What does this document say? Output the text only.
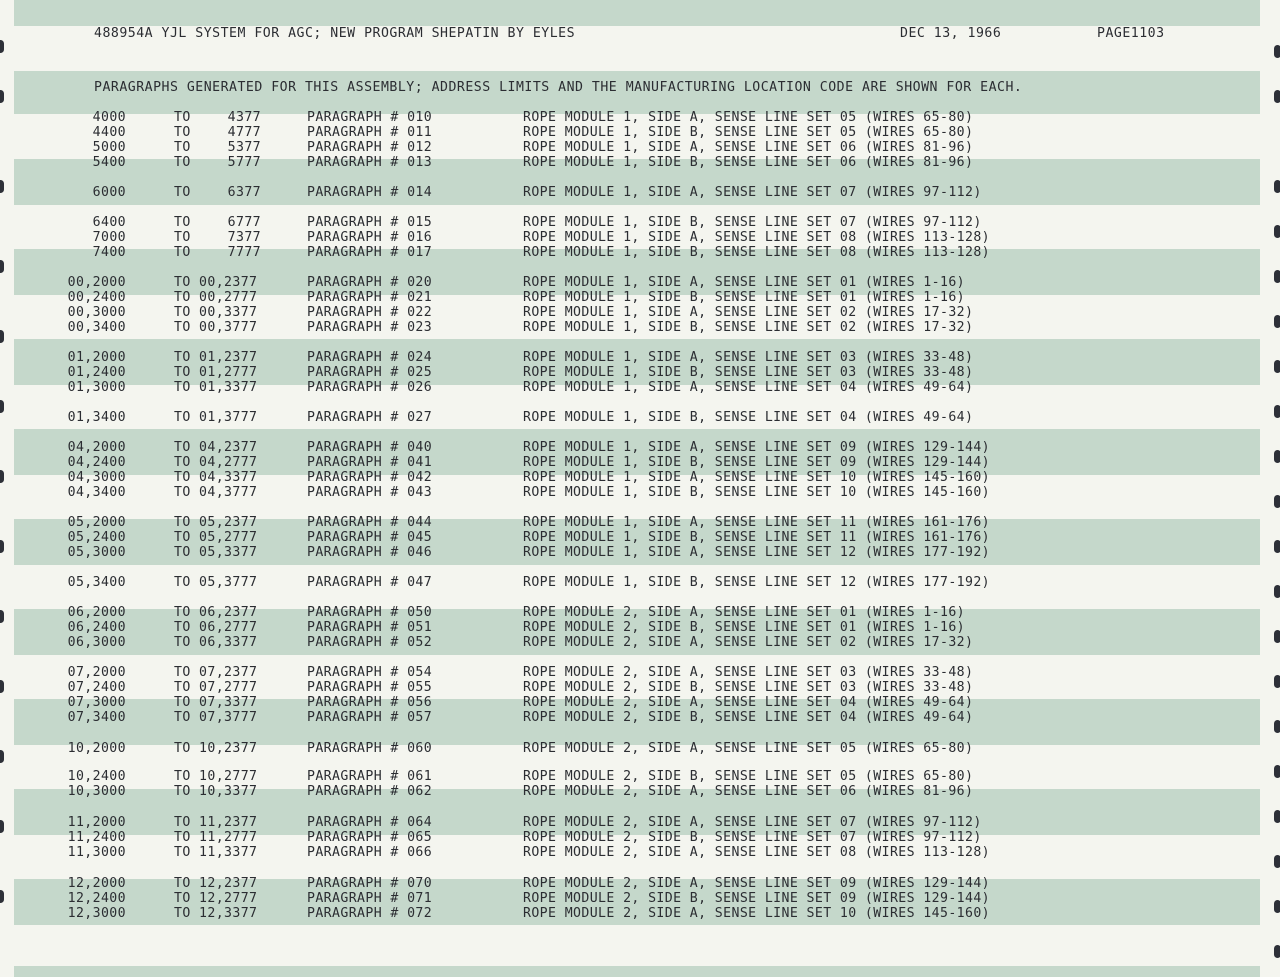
488954A YJL SYSTEM FOR AGC; NEW PROGRAM SHEPATIN BY EYLES	DEC 13, 1966	PAGE1103
PARAGRAPHS GENERATED FOR THIS ASSEMBLY; ADDRESS LIMITS AND THE MANUFACTURING LOCATION CODE ARE SHOWN FOR EACH.
4000	TO	4377	PARAGRAPH # 010	ROPE MODULE 1, SIDE A, SENSE LINE SET 05 (WIRES 65-80)
4400	TO	4777	PARAGRAPH # 011	ROPE MODULE 1, SIDE B, SENSE LINE SET 05 (WIRES 65-80)
5000	TO	5377	PARAGRAPH # 012	ROPE MODULE 1, SIDE A, SENSE LINE SET 06 (WIRES 81-96)
5400	TO	5777	PARAGRAPH # 013	ROPE MODULE 1, SIDE B, SENSE LINE SET 06 (WIRES 81-96)
6000	TO	6377	PARAGRAPH # 014	ROPE MODULE 1, SIDE A, SENSE LINE SET 07 (WIRES 97-112)
6400	TO	6777	PARAGRAPH # 015	ROPE MODULE 1, SIDE B, SENSE LINE SET 07 (WIRES 97-112)
7000	TO	7377	PARAGRAPH # 016	ROPE MODULE 1, SIDE A, SENSE LINE SET 08 (WIRES 113-128)
7400	TO	7777	PARAGRAPH # 017	ROPE MODULE 1, SIDE B, SENSE LINE SET 08 (WIRES 113-128)
00,2000	TO 00,2377	PARAGRAPH # 020	ROPE MODULE 1, SIDE A, SENSE LINE SET 01 (WIRES 1-16)
00,2400	TO 00,2777	PARAGRAPH # 021	ROPE MODULE 1, SIDE B, SENSE LINE SET 01 (WIRES 1-16)
00,3000	TO 00,3377	PARAGRAPH # 022	ROPE MODULE 1, SIDE A, SENSE LINE SET 02 (WIRES 17-32)
00,3400	TO 00,3777	PARAGRAPH # 023	ROPE MODULE 1, SIDE B, SENSE LINE SET 02 (WIRES 17-32)
01,2000	TO 01,2377	PARAGRAPH # 024	ROPE MODULE 1, SIDE A, SENSE LINE SET 03 (WIRES 33-48)
01,2400	TO 01,2777	PARAGRAPH # 025	ROPE MODULE 1, SIDE B, SENSE LINE SET 03 (WIRES 33-48)
01,3000	TO 01,3377	PARAGRAPH # 026	ROPE MODULE 1, SIDE A, SENSE LINE SET 04 (WIRES 49-64)
01,3400	TO 01,3777	PARAGRAPH # 027	ROPE MODULE 1, SIDE B, SENSE LINE SET 04 (WIRES 49-64)
04,2000	TO 04,2377	PARAGRAPH # 040	ROPE MODULE 1, SIDE A, SENSE LINE SET 09 (WIRES 129-144)
04,2400	TO 04,2777	PARAGRAPH # 041	ROPE MODULE 1, SIDE B, SENSE LINE SET 09 (WIRES 129-144)
04,3000	TO 04,3377	PARAGRAPH # 042	ROPE MODULE 1, SIDE A, SENSE LINE SET 10 (WIRES 145-160)
04,3400	TO 04,3777	PARAGRAPH # 043	ROPE MODULE 1, SIDE B, SENSE LINE SET 10 (WIRES 145-160)
05,2000	TO 05,2377	PARAGRAPH # 044	ROPE MODULE 1, SIDE A, SENSE LINE SET 11 (WIRES 161-176)
05,2400	TO 05,2777	PARAGRAPH # 045	ROPE MODULE 1, SIDE B, SENSE LINE SET 11 (WIRES 161-176)
05,3000	TO 05,3377	PARAGRAPH # 046	ROPE MODULE 1, SIDE A, SENSE LINE SET 12 (WIRES 177-192)
05,3400	TO 05,3777	PARAGRAPH # 047	ROPE MODULE 1, SIDE B, SENSE LINE SET 12 (WIRES 177-192)
06,2000	TO 06,2377	PARAGRAPH # 050	ROPE MODULE 2, SIDE A, SENSE LINE SET 01 (WIRES 1-16)
06,2400	TO 06,2777	PARAGRAPH # 051	ROPE MODULE 2, SIDE B, SENSE LINE SET 01 (WIRES 1-16)
06,3000	TO 06,3377	PARAGRAPH # 052	ROPE MODULE 2, SIDE A, SENSE LINE SET 02 (WIRES 17-32)
07,2000	TO 07,2377	PARAGRAPH # 054	ROPE MODULE 2, SIDE A, SENSE LINE SET 03 (WIRES 33-48)
07,2400	TO 07,2777	PARAGRAPH # 055	ROPE MODULE 2, SIDE B, SENSE LINE SET 03 (WIRES 33-48)
07,3000	TO 07,3377	PARAGRAPH # 056	ROPE MODULE 2, SIDE A, SENSE LINE SET 04 (WIRES 49-64)
07,3400	TO 07,3777	PARAGRAPH # 057	ROPE MODULE 2, SIDE B, SENSE LINE SET 04 (WIRES 49-64)
10,2000	TO 10,2377	PARAGRAPH # 060	ROPE MODULE 2, SIDE A, SENSE LINE SET 05 (WIRES 65-80)
10,2400	TO 10,2777	PARAGRAPH # 061	ROPE MODULE 2, SIDE B, SENSE LINE SET 05 (WIRES 65-80)
10,3000	TO 10,3377	PARAGRAPH # 062	ROPE MODULE 2, SIDE A, SENSE LINE SET 06 (WIRES 81-96)
11,2000	TO 11,2377	PARAGRAPH # 064	ROPE MODULE 2, SIDE A, SENSE LINE SET 07 (WIRES 97-112)
11,2400	TO 11,2777	PARAGRAPH # 065	ROPE MODULE 2, SIDE B, SENSE LINE SET 07 (WIRES 97-112)
11,3000	TO 11,3377	PARAGRAPH # 066	ROPE MODULE 2, SIDE A, SENSE LINE SET 08 (WIRES 113-128)
12,2000	TO 12,2377	PARAGRAPH # 070	ROPE MODULE 2, SIDE A, SENSE LINE SET 09 (WIRES 129-144)
12,2400	TO 12,2777	PARAGRAPH # 071	ROPE MODULE 2, SIDE B, SENSE LINE SET 09 (WIRES 129-144)
12,3000	TO 12,3377	PARAGRAPH # 072	ROPE MODULE 2, SIDE A, SENSE LINE SET 10 (WIRES 145-160)
